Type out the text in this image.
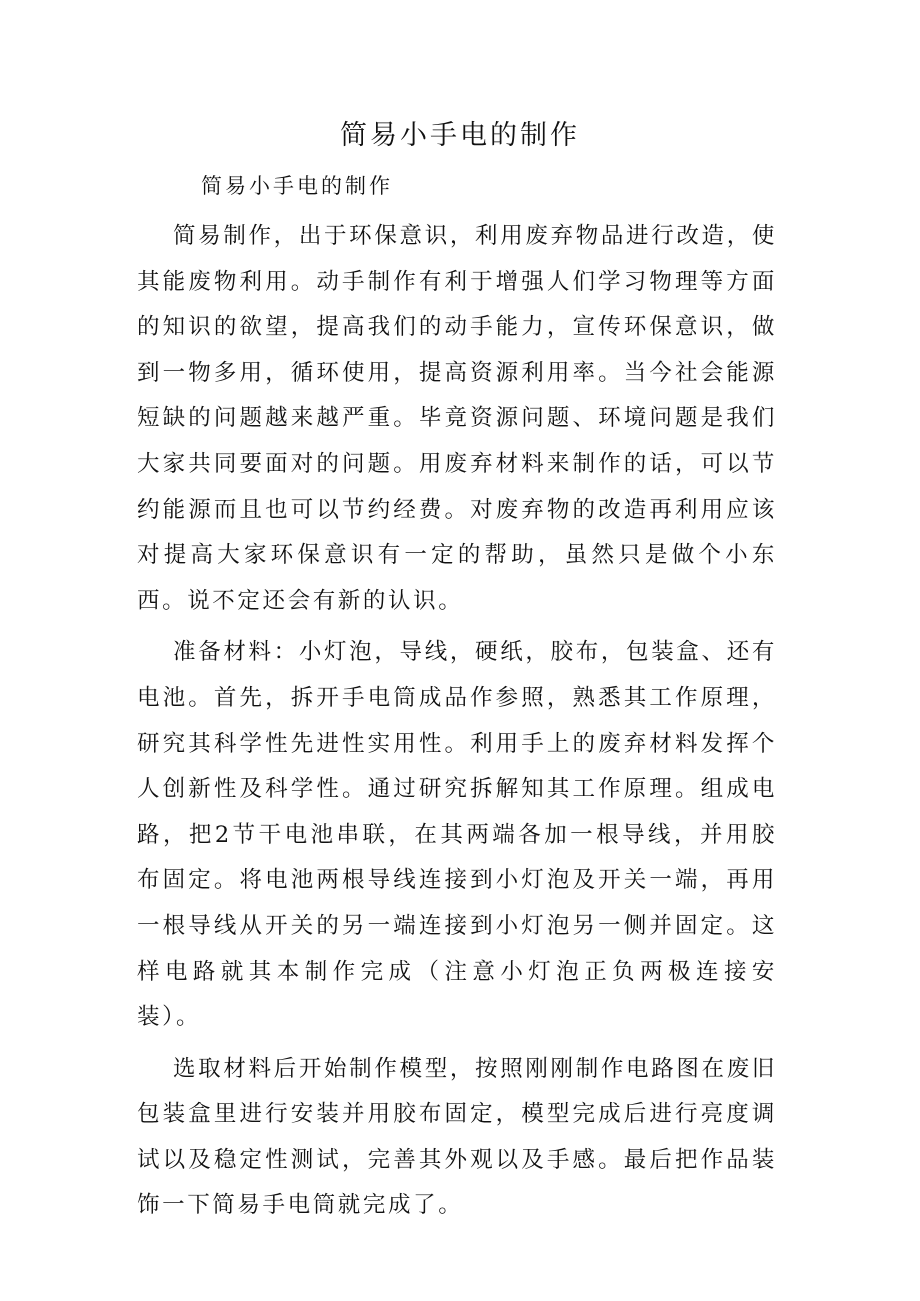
简易小手电的制作

简易小手电的制作

简易制作，出于环保意识，利用废弃物品进行改造，使其能废物利用。动手制作有利于增强人们学习物理等方面的知识的欲望，提高我们的动手能力，宣传环保意识，做到一物多用，循环使用，提高资源利用率。当今社会能源短缺的问题越来越严重。毕竟资源问题、环境问题是我们大家共同要面对的问题。用废弃材料来制作的话，可以节约能源而且也可以节约经费。对废弃物的改造再利用应该对提高大家环保意识有一定的帮助，虽然只是做个小东西。说不定还会有新的认识。

准备材料：小灯泡，导线，硬纸，胶布，包装盒、还有电池。首先，拆开手电筒成品作参照，熟悉其工作原理，研究其科学性先进性实用性。利用手上的废弃材料发挥个人创新性及科学性。通过研究拆解知其工作原理。组成电路，把2节干电池串联，在其两端各加一根导线，并用胶布固定。将电池两根导线连接到小灯泡及开关一端，再用一根导线从开关的另一端连接到小灯泡另一侧并固定。这样电路就其本制作完成（注意小灯泡正负两极连接安装）。

选取材料后开始制作模型，按照刚刚制作电路图在废旧包装盒里进行安装并用胶布固定，模型完成后进行亮度调试以及稳定性测试，完善其外观以及手感。最后把作品装饰一下简易手电筒就完成了。
